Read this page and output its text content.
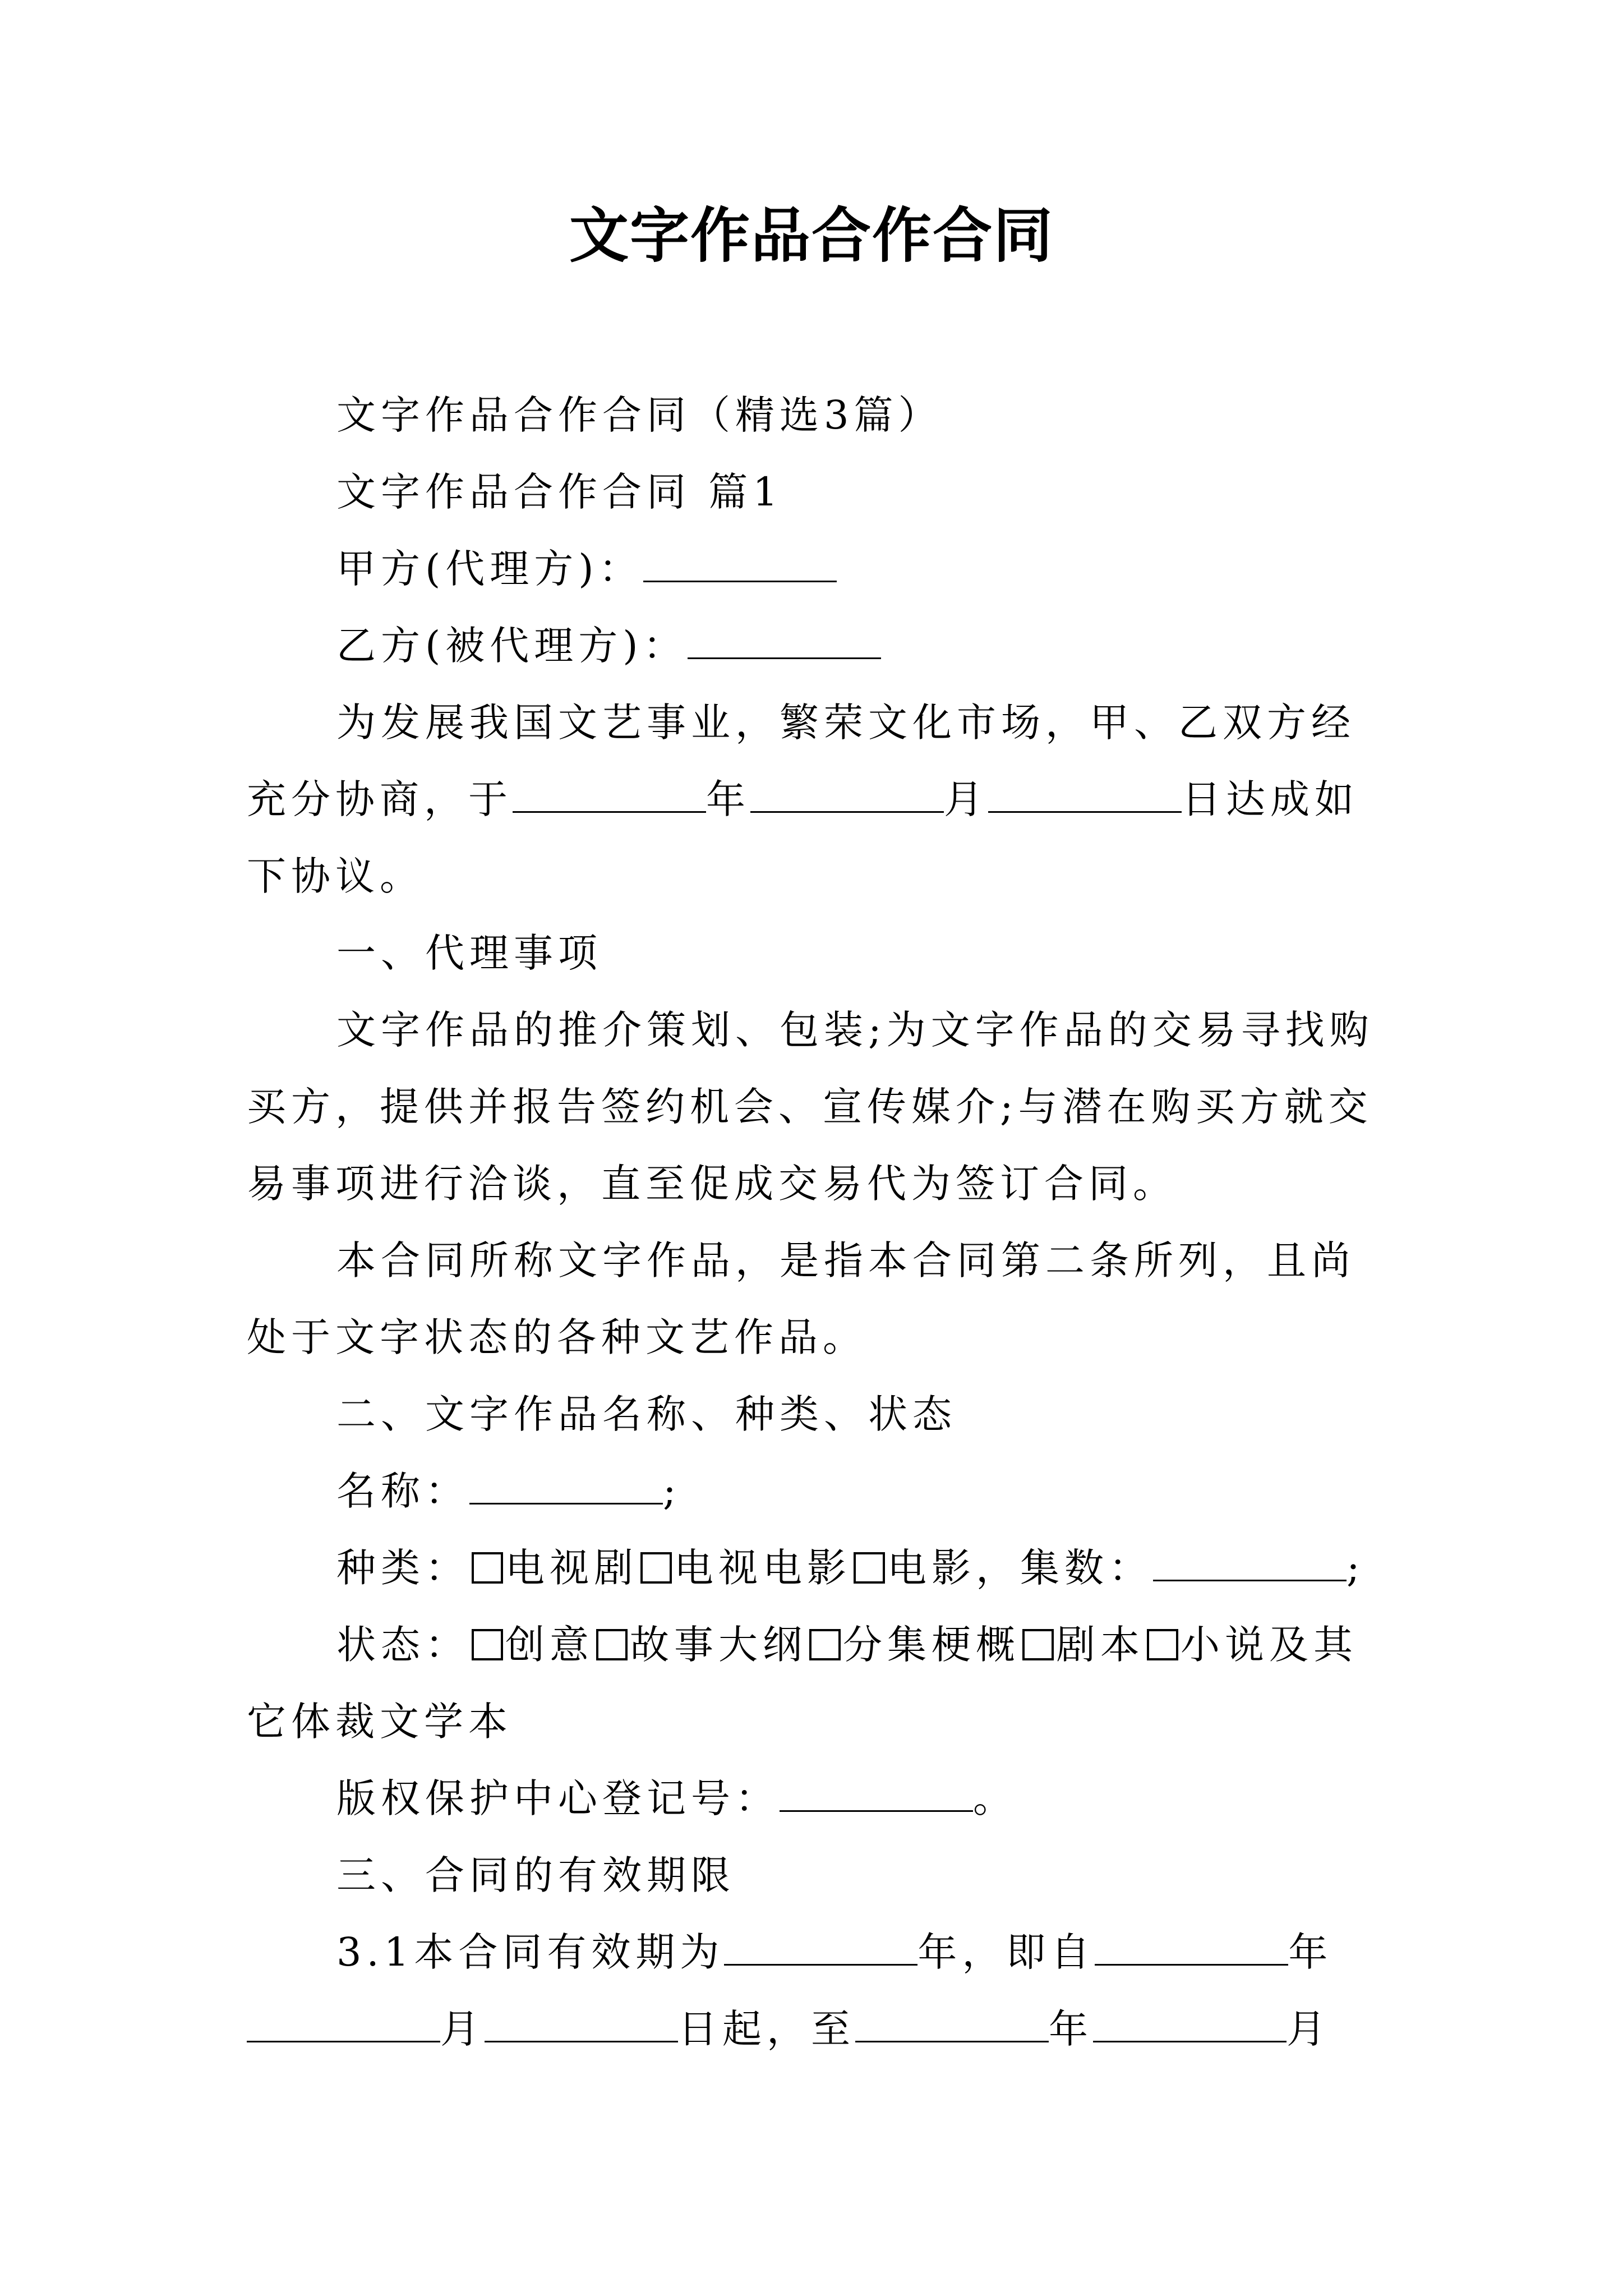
文字作品合作合同

文字作品合作合同（精选3篇）

文字作品合作合同 篇1

甲方(代理方)：

乙方(被代理方)：

为发展我国文艺事业，繁荣文化市场，甲、乙双方经充分协商，于	年	月	日达成如下协议。

一、代理事项

文字作品的推介策划、包装;为文字作品的交易寻找购买方，提供并报告签约机会、宣传媒介;与潜在购买方就交易事项进行洽谈，直至促成交易代为签订合同。

本合同所称文字作品，是指本合同第二条所列，且尚处于文字状态的各种文艺作品。

二、文字作品名称、种类、状态

名称：	;

种类： 电视剧 电视电影 电影，集数：	;

状态： 创意 故事大纲 分集梗概 剧本 小说及其它体裁文学本

版权保护中心登记号：	。

三、合同的有效期限

3.1本合同有效期为	年，即自	年月	日起，至	年	月
